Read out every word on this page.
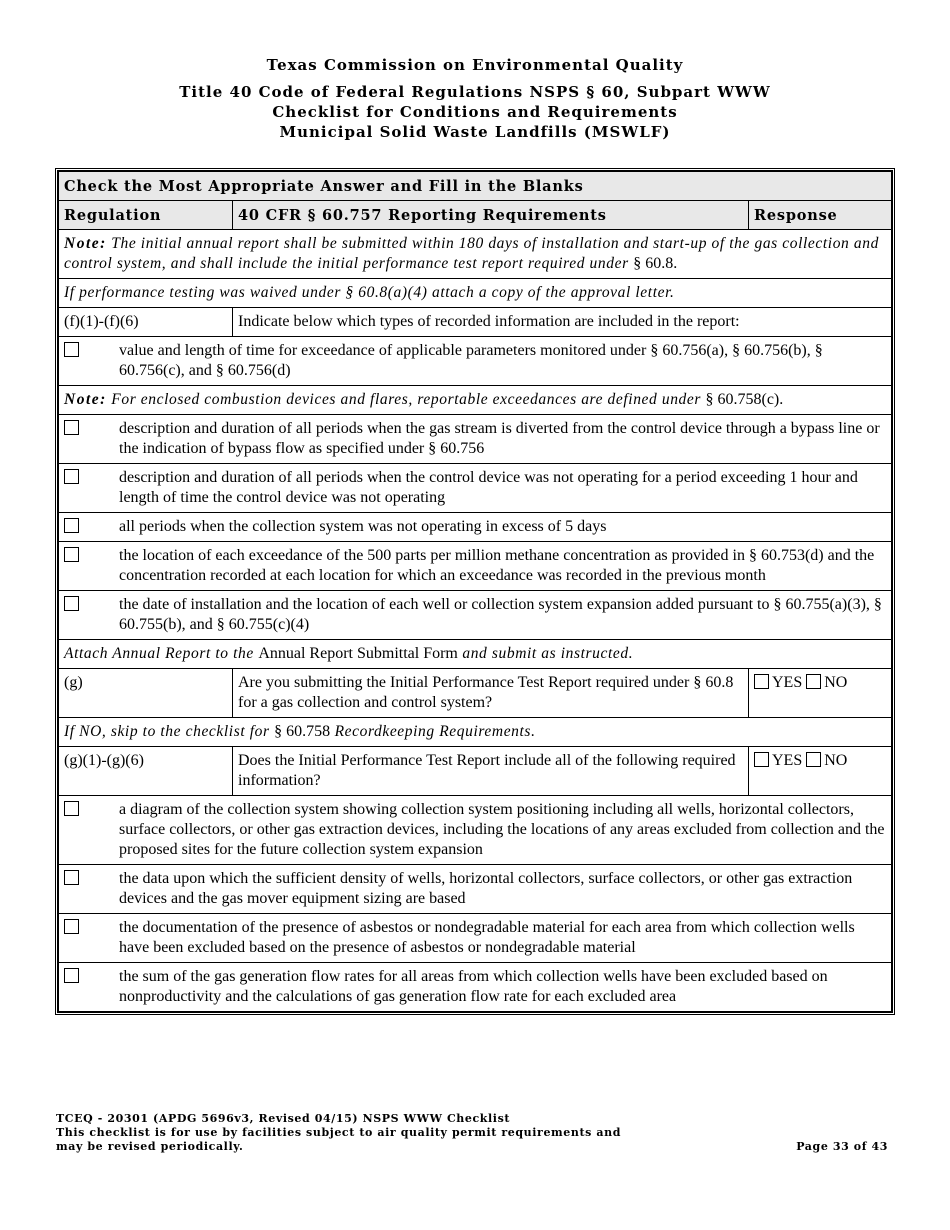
Texas Commission on Environmental Quality
Title 40 Code of Federal Regulations NSPS § 60, Subpart WWW
Checklist for Conditions and Requirements
Municipal Solid Waste Landfills (MSWLF)
Check the Most Appropriate Answer and Fill in the Blanks		
Regulation	40 CFR § 60.757 Reporting Requirements	Response
Note: The initial annual report shall be submitted within 180 days of installation and start-up of the gas collection and control system, and shall include the initial performance test report required under § 60.8.		
If performance testing was waived under § 60.8(a)(4) attach a copy of the approval letter.		
(f)(1)-(f)(6)	Indicate below which types of recorded information are included in the report:	

value and length of time for exceedance of applicable parameters monitored under § 60.756(a), § 60.756(b), § 60.756(c), and § 60.756(d)		

Note: For enclosed combustion devices and flares, reportable exceedances are defined under § 60.758(c).		

description and duration of all periods when the gas stream is diverted from the control device through a bypass line or the indication of bypass flow as specified under § 60.756		

description and duration of all periods when the control device was not operating for a period exceeding 1 hour and length of time the control device was not operating		

all periods when the collection system was not operating in excess of 5 days		

the location of each exceedance of the 500 parts per million methane concentration as provided in § 60.753(d) and the concentration recorded at each location for which an exceedance was recorded in the previous month		

the date of installation and the location of each well or collection system expansion added pursuant to § 60.755(a)(3), § 60.755(b), and § 60.755(c)(4)		

Attach Annual Report to the Annual Report Submittal Form and submit as instructed.		
(g)	Are you submitting the Initial Performance Test Report required under § 60.8 for a gas collection and control system?	YES NO
If NO, skip to the checklist for § 60.758 Recordkeeping Requirements.		
(g)(1)-(g)(6)	Does the Initial Performance Test Report include all of the following required information?	YES NO

a diagram of the collection system showing collection system positioning including all wells, horizontal collectors, surface collectors, or other gas extraction devices, including the locations of any areas excluded from collection and the proposed sites for the future collection system expansion		

the data upon which the sufficient density of wells, horizontal collectors, surface collectors, or other gas extraction devices and the gas mover equipment sizing are based		

the documentation of the presence of asbestos or nondegradable material for each area from which collection wells have been excluded based on the presence of asbestos or nondegradable material		

the sum of the gas generation flow rates for all areas from which collection wells have been excluded based on nonproductivity and the calculations of gas generation flow rate for each excluded area		
TCEQ - 20301 (APDG 5696v3, Revised 04/15) NSPS WWW Checklist
This checklist is for use by facilities subject to air quality permit requirements and
may be revised periodically.	Page 33 of 43
